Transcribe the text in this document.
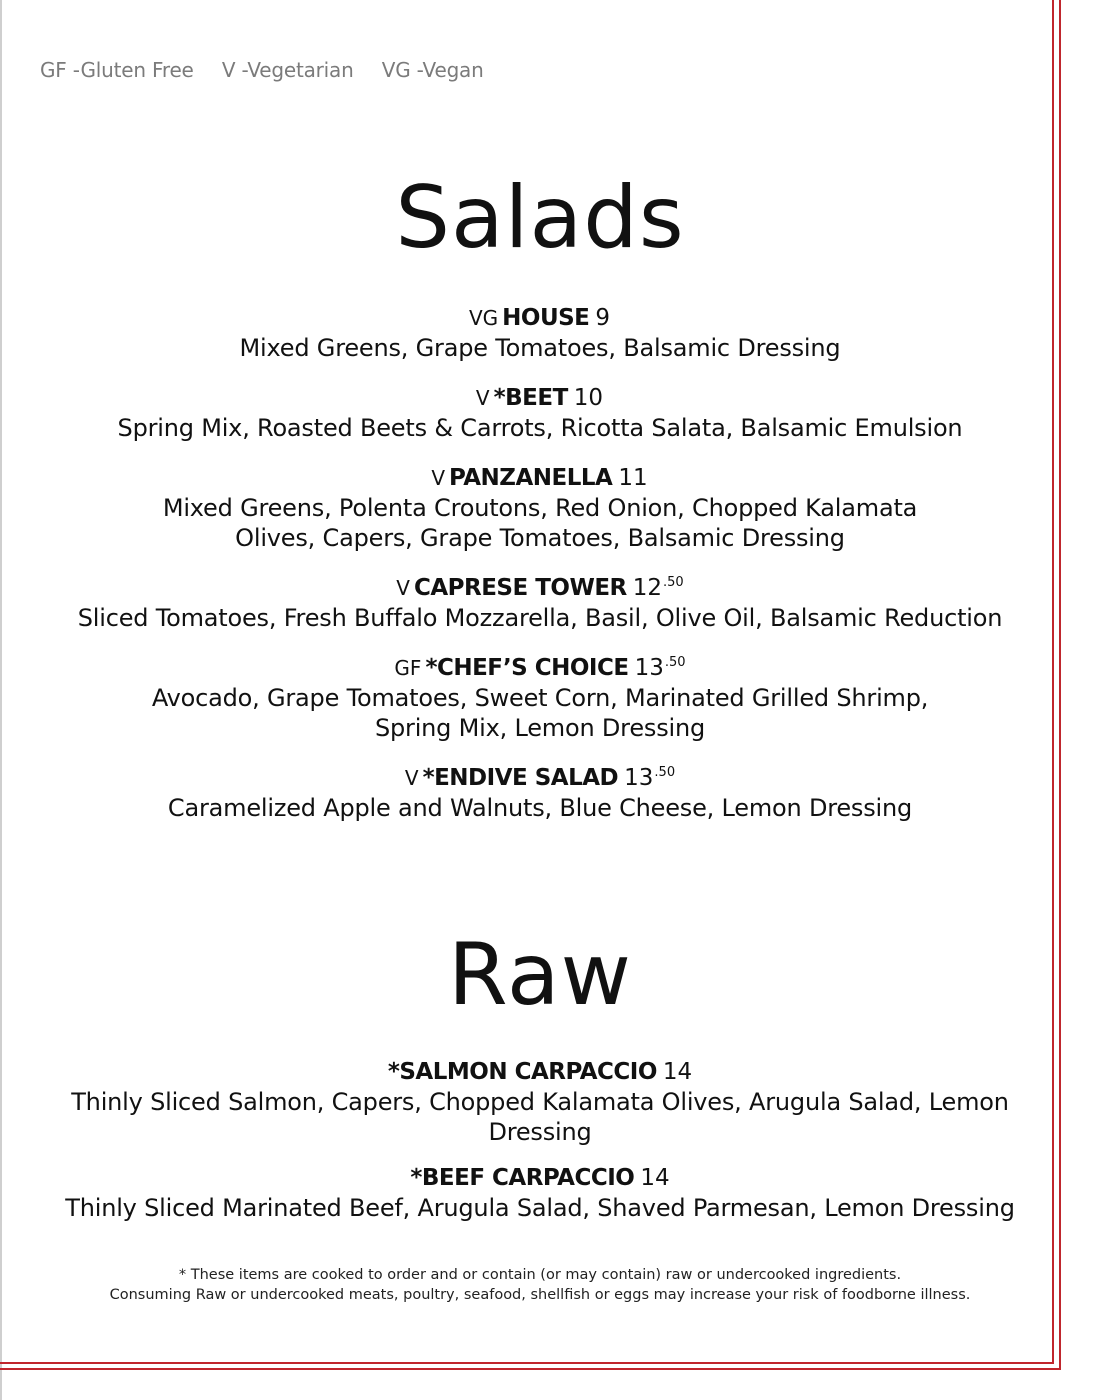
GF -Gluten Free V -Vegetarian VG -Vegan
Salads
VG HOUSE 9
Mixed Greens, Grape Tomatoes, Balsamic Dressing
V *BEET 10
Spring Mix, Roasted Beets & Carrots, Ricotta Salata, Balsamic Emulsion
V PANZANELLA 11
Mixed Greens, Polenta Croutons, Red Onion, Chopped Kalamata Olives, Capers, Grape Tomatoes, Balsamic Dressing
V CAPRESE TOWER $12^{.50}$
Sliced Tomatoes, Fresh Buffalo Mozzarella, Basil, Olive Oil, Balsamic Reduction
GF *CHEF’S CHOICE $13^{.50}$
Avocado, Grape Tomatoes, Sweet Corn, Marinated Grilled Shrimp, Spring Mix, Lemon Dressing
V *ENDIVE SALAD $13^{.50}$
Caramelized Apple and Walnuts, Blue Cheese, Lemon Dressing
Raw
*SALMON CARPACCIO 14
Thinly Sliced Salmon, Capers, Chopped Kalamata Olives, Arugula Salad, Lemon Dressing
*BEEF CARPACCIO 14
Thinly Sliced Marinated Beef, Arugula Salad, Shaved Parmesan, Lemon Dressing
* These items are cooked to order and or contain (or may contain) raw or undercooked ingredients.
Consuming Raw or undercooked meats, poultry, seafood, shellfish or eggs may increase your risk of foodborne illness.
